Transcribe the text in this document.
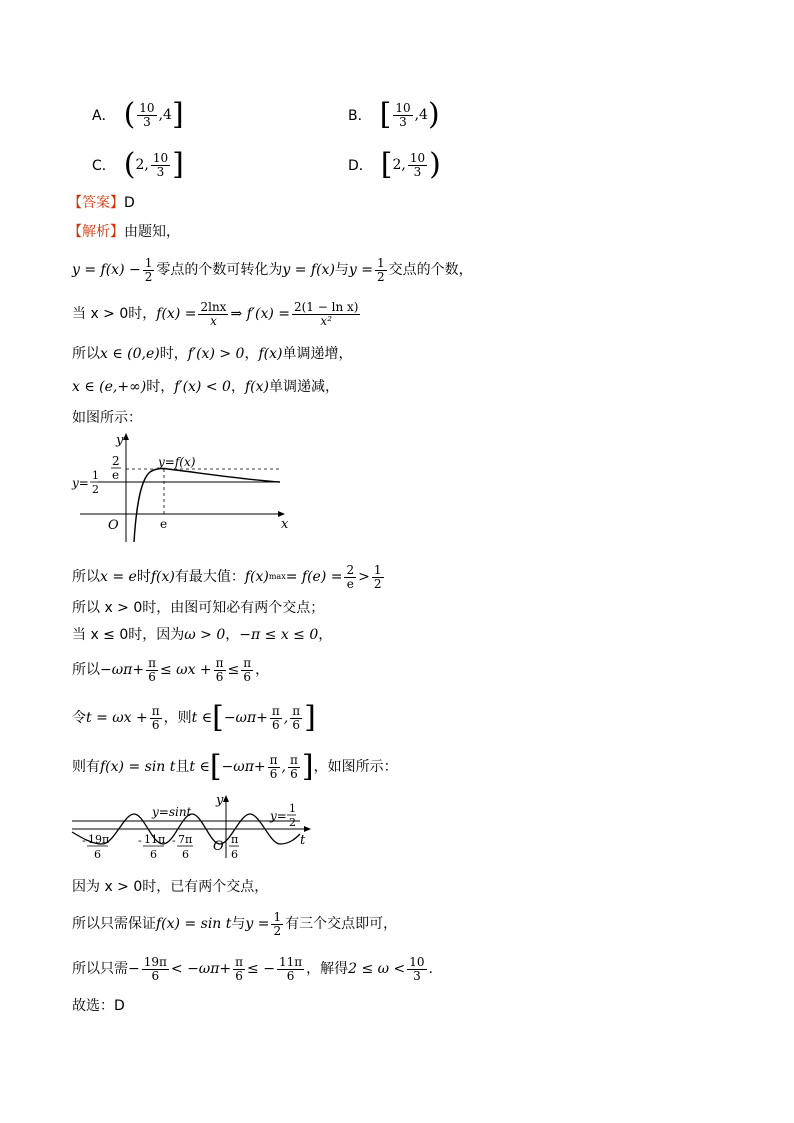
A． ( $\frac{10}{3} ,4$ ]	B． [ $\frac{10}{3} ,4$ )
C． ( 2, $\frac{10}{3}$ ]	D． [ 2, $\frac{10}{3}$ )
【答案】D
【解析】由题知，
$y = f(x) - \frac{1}{2}$ 零点的个数可转化为 y = f(x) 与 $y = \frac{1}{2}$ 交点的个数，
当 x > 0时， $f(x) = \frac{2\ln x}{x}$ ⇒ $f'(x) = \frac{\text{2(1 − ln x)}}{\text{x²}}$
所以x ∈ (0,e)时，f′(x) > 0，f(x)单调递增，
x ∈ (e,+∞)时，f′(x) < 0，f(x)单调递减，
如图所示：
y
x
O
y=f(x)
e
2
e
y=
1
2
所以 x = e 时 f(x) 有最大值： f(x) $\max = f(e) = \frac{2}{e} > \frac{1}{2}$
所以 x > 0时，由图可知必有两个交点；
当 x ≤ 0时，因为ω > 0，−π ≤ x ≤ 0，
所以 $-\omega\pi+ \frac{\pi}{6} \le \omega x + \frac{\pi}{6} \le \frac{\pi}{6}$ ，
令 $t = \omega x + \frac{\pi}{6}$ ，则 t ∈ [ $-\omega\pi+ \frac{\pi}{6}$ , $\frac{\pi}{6}$ ]
则有 f(x) = sin t 且 t ∈ [ $-\omega\pi+ \frac{\pi}{6}$ , $\frac{\pi}{6}$ ] ，如图所示：
y
t
O
y=sint	y=
1
2
- 19π
6
- 11π
6
- 7π
6
π
6
因为 x > 0时，已有两个交点，
所以只需保证 f(x) = sin t 与 $y = \frac{1}{2}$ 有三个交点即可，
所以只需 − $\frac{19\pi}{6} < -\omega\pi+ \frac{\pi}{6}$ ≤ − $\frac{11\pi}{6}$ ，解得 $2 \le \omega < \frac{10}{3}$ .
故选：D
